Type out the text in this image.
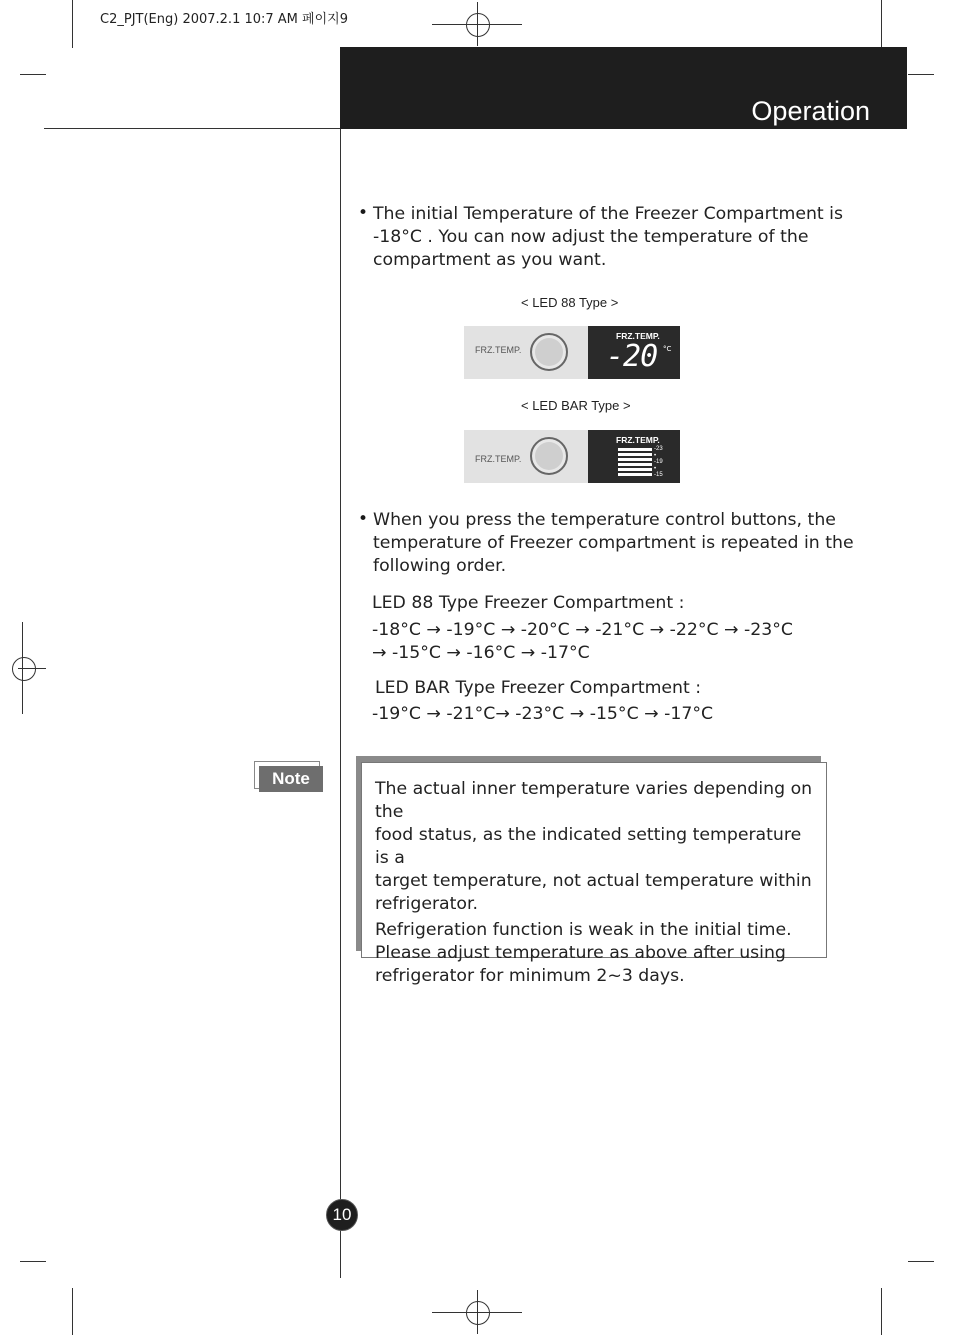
C2_PJT(Eng) 2007.2.1 10:7 AM 페이지9
Operation
• The initial Temperature of the Freezer Compartment is
-18°C . You can now adjust the temperature of the
compartment as you want.
< LED 88 Type >
FRZ.TEMP.
FRZ.TEMP.
-20 °C
< LED BAR Type >
FRZ.TEMP.
FRZ.TEMP.
-23
•
-19
•
-15
• When you press the temperature control buttons, the
temperature of Freezer compartment is repeated in the
following order.
LED 88 Type Freezer Compartment :
-18°C → -19°C → -20°C → -21°C → -22°C → -23°C
→ -15°C → -16°C → -17°C
LED BAR Type Freezer Compartment :
-19°C → -21°C→ -23°C → -15°C → -17°C
Note
The actual inner temperature varies depending on the
food status, as the indicated setting temperature is a
target temperature, not actual temperature within
refrigerator.
Refrigeration function is weak in the initial time.
Please adjust temperature as above after using
refrigerator for minimum 2~3 days.
10
